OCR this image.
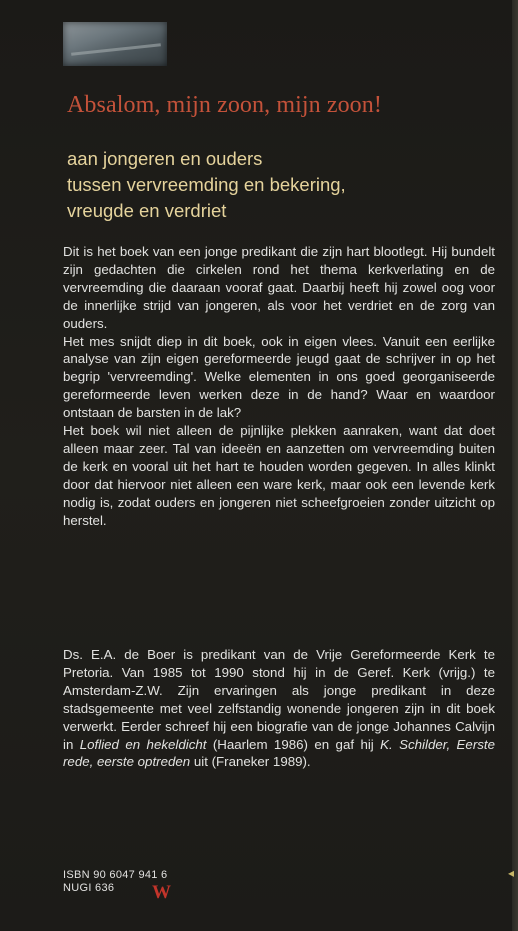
Absalom, mijn zoon, mijn zoon!
aan jongeren en ouders
tussen vervreemding en bekering,
vreugde en verdriet

Dit is het boek van een jonge predikant die zijn hart blootlegt. Hij bundelt zijn gedachten die cirkelen rond het thema kerkverlating en de vervreemding die daaraan vooraf gaat. Daarbij heeft hij zowel oog voor de innerlijke strijd van jongeren, als voor het verdriet en de zorg van ouders.

Het mes snijdt diep in dit boek, ook in eigen vlees. Vanuit een eerlijke analyse van zijn eigen gereformeerde jeugd gaat de schrijver in op het begrip 'vervreemding'. Welke elementen in ons goed georganiseerde gereformeerde leven werken deze in de hand? Waar en waardoor ontstaan de barsten in de lak?

Het boek wil niet alleen de pijnlijke plekken aanraken, want dat doet alleen maar zeer. Tal van ideeën en aanzetten om vervreemding buiten de kerk en vooral uit het hart te houden worden gegeven. In alles klinkt door dat hiervoor niet alleen een ware kerk, maar ook een levende kerk nodig is, zodat ouders en jongeren niet scheefgroeien zonder uitzicht op herstel.

Ds. E.A. de Boer is predikant van de Vrije Gereformeerde Kerk te Pretoria. Van 1985 tot 1990 stond hij in de Geref. Kerk (vrijg.) te Amsterdam-Z.W. Zijn ervaringen als jonge predikant in deze stadsgemeente met veel zelfstandig wonende jongeren zijn in dit boek verwerkt. Eerder schreef hij een biografie van de jonge Johannes Calvijn in Loflied en hekeldicht (Haarlem 1986) en gaf hij K. Schilder, Eerste rede, eerste optreden uit (Franeker 1989).
ISBN 90 6047 941 6
NUGI 636	W
◂
